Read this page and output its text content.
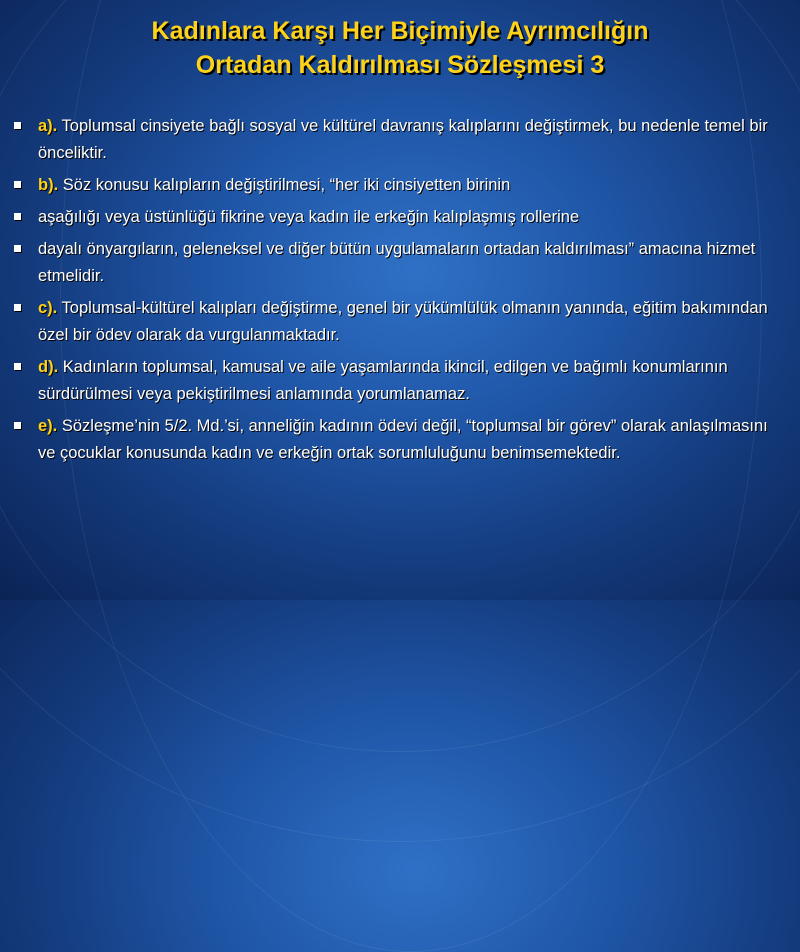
Kadınlara Karşı Her Biçimiyle Ayrımcılığın
Ortadan Kaldırılması Sözleşmesi 3
a). Toplumsal cinsiyete bağlı sosyal ve kültürel davranış kalıplarını değiştirmek, bu nedenle temel bir önceliktir.
b). Söz konusu kalıpların değiştirilmesi, “her iki cinsiyetten birinin
aşağılığı veya üstünlüğü fikrine veya kadın ile erkeğin kalıplaşmış rollerine
dayalı önyargıların, geleneksel ve diğer bütün uygulamaların ortadan kaldırılması” amacına hizmet etmelidir.
c). Toplumsal-kültürel kalıpları değiştirme, genel bir yükümlülük olmanın yanında, eğitim bakımından özel bir ödev olarak da vurgulanmaktadır.
d). Kadınların toplumsal, kamusal ve aile yaşamlarında ikincil, edilgen ve bağımlı konumlarının sürdürülmesi veya pekiştirilmesi anlamında yorumlanamaz.
e). Sözleşme’nin 5/2. Md.’si, anneliğin kadının ödevi değil, “toplumsal bir görev” olarak anlaşılmasını ve çocuklar konusunda kadın ve erkeğin ortak sorumluluğunu benimsemektedir.
